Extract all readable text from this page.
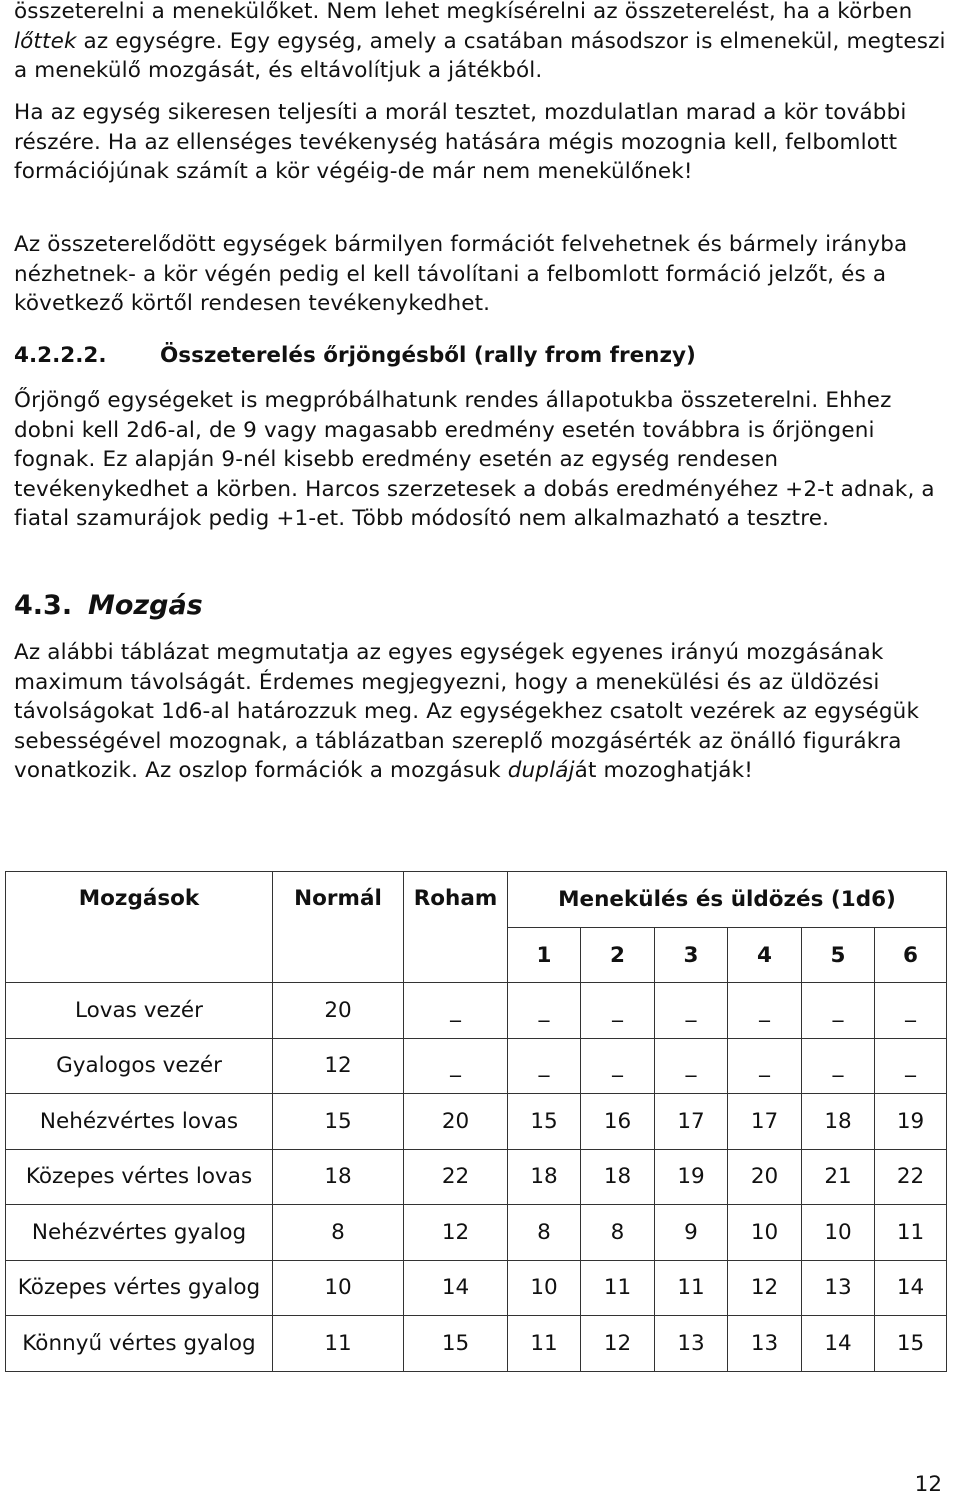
összeterelni a menekülőket. Nem lehet megkísérelni az összeterelést, ha a körben lőttek az egységre. Egy egység, amely a csatában másodszor is elmenekül, megteszi a menekülő mozgását, és eltávolítjuk a játékból.

Ha az egység sikeresen teljesíti a morál tesztet, mozdulatlan marad a kör további részére. Ha az ellenséges tevékenység hatására mégis mozognia kell, felbomlott formációjúnak számít a kör végéig-de már nem menekülőnek!

Az összeterelődött egységek bármilyen formációt felvehetnek és bármely irányba nézhetnek- a kör végén pedig el kell távolítani a felbomlott formáció jelzőt, és a következő körtől rendesen tevékenykedhet.

4.2.2.2. Összeterelés őrjöngésből (rally from frenzy)

Őrjöngő egységeket is megpróbálhatunk rendes állapotukba összeterelni. Ehhez dobni kell 2d6-al, de 9 vagy magasabb eredmény esetén továbbra is őrjöngeni fognak. Ez alapján 9-nél kisebb eredmény esetén az egység rendesen tevékenykedhet a körben. Harcos szerzetesek a dobás eredményéhez +2-t adnak, a fiatal szamurájok pedig +1-et. Több módosító nem alkalmazható a tesztre.

4.3. Mozgás

Az alábbi táblázat megmutatja az egyes egységek egyenes irányú mozgásának maximum távolságát. Érdemes megjegyezni, hogy a menekülési és az üldözési távolságokat 1d6-al határozzuk meg. Az egységekhez csatolt vezérek az egységük sebességével mozognak, a táblázatban szereplő mozgásérték az önálló figurákra vonatkozik. Az oszlop formációk a mozgásuk dupláját mozoghatják!

Mozgások	Normál	Roham	Menekülés és üldözés (1d6)					
			1	2	3	4	5	6
Lovas vezér	20	_	_	_	_	_	_	_
Gyalogos vezér	12	_	_	_	_	_	_	_
Nehézvértes lovas	15	20	15	16	17	17	18	19
Közepes vértes lovas	18	22	18	18	19	20	21	22
Nehézvértes gyalog	8	12	8	8	9	10	10	11
Közepes vértes gyalog	10	14	10	11	11	12	13	14
Könnyű vértes gyalog	11	15	11	12	13	13	14	15
12
